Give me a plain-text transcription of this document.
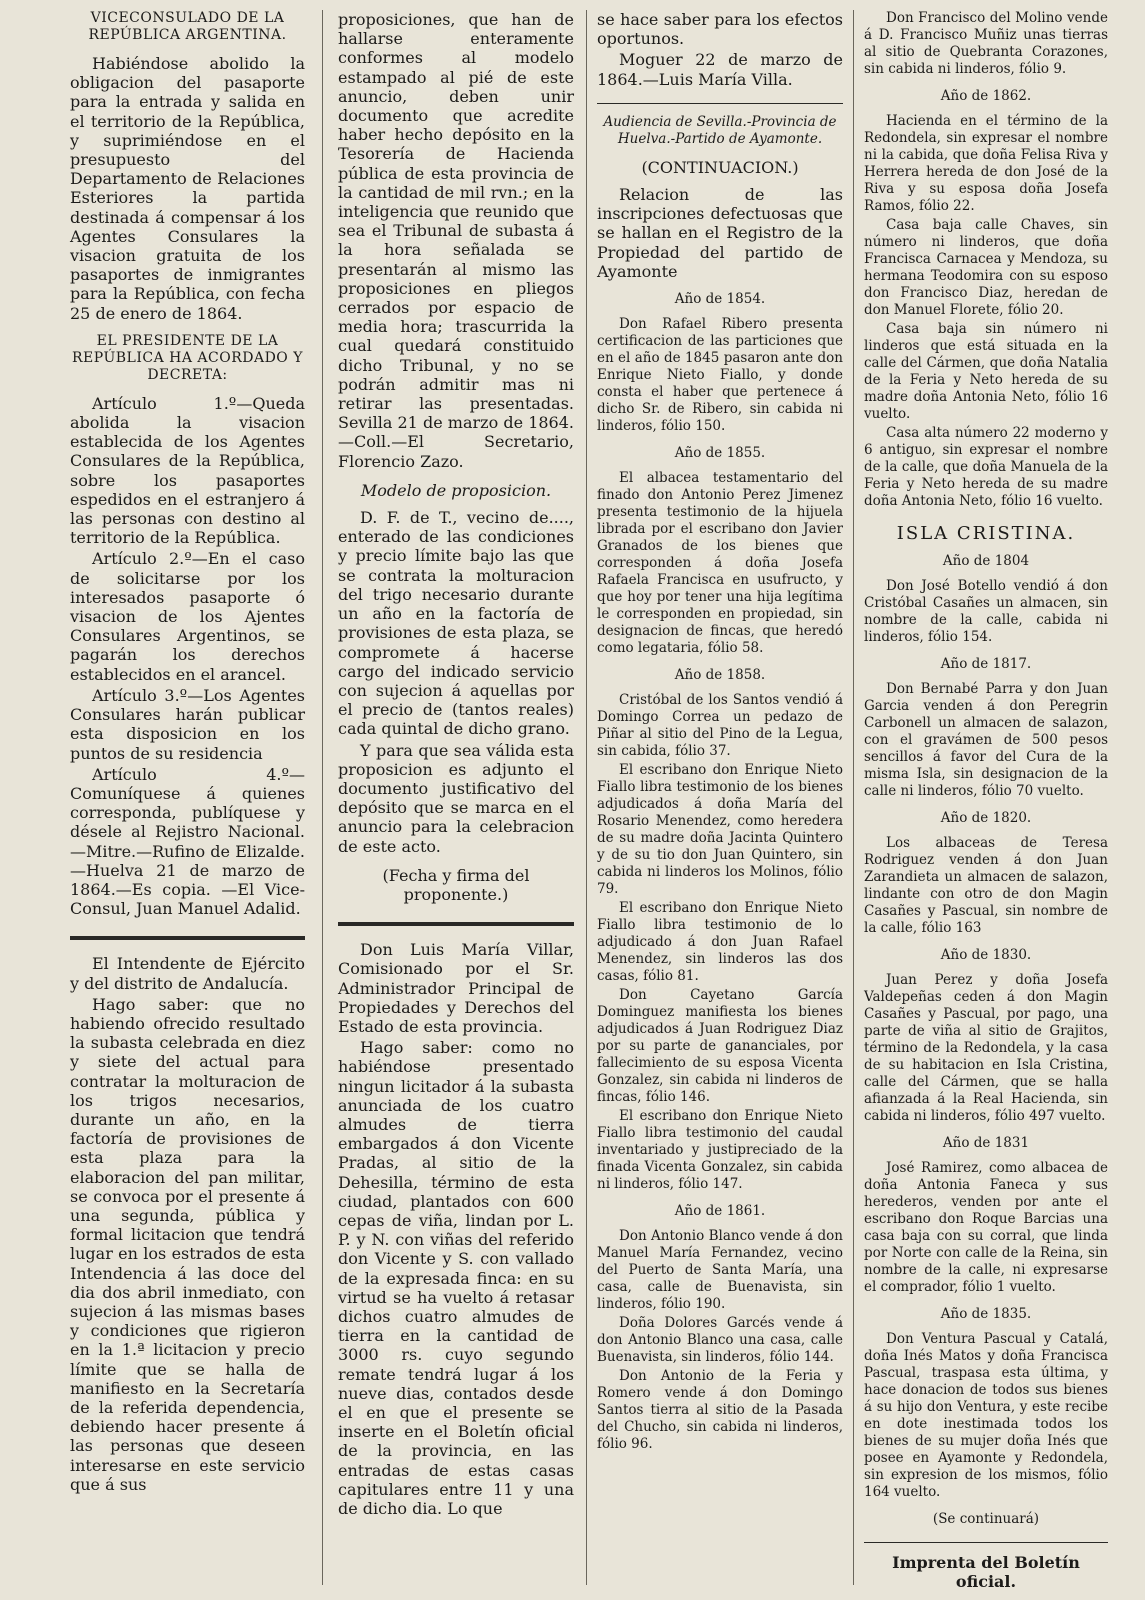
VICECONSULADO DE LA REPÚBLICA ARGENTINA.

Habiéndose abolido la obligacion del pasaporte para la entrada y salida en el territorio de la República, y suprimiéndose en el presupuesto del Departamento de Relaciones Esteriores la partida destinada á compensar á los Agentes Consulares la visacion gratuita de los pasaportes de inmigrantes para la República, con fecha 25 de enero de 1864.

EL PRESIDENTE DE LA REPÚBLICA HA ACORDADO Y DECRETA:

Artículo 1.º—Queda abolida la visacion establecida de los Agentes Consulares de la República, sobre los pasaportes espedidos en el estranjero á las personas con destino al territorio de la República.

Artículo 2.º—En el caso de solicitarse por los interesados pasaporte ó visacion de los Ajentes Consulares Argentinos, se pagarán los derechos establecidos en el arancel.

Artículo 3.º—Los Agentes Consulares harán publicar esta disposicion en los puntos de su residencia

Artículo 4.º—Comuníquese á quienes corresponda, publíquese y désele al Rejistro Nacional. —Mitre.—Rufino de Elizalde.—Huelva 21 de marzo de 1864.—Es copia. —El Vice-Consul, Juan Manuel Adalid.

El Intendente de Ejército y del distrito de Andalucía.

Hago saber: que no habiendo ofrecido resultado la subasta celebrada en diez y siete del actual para contratar la molturacion de los trigos necesarios, durante un año, en la factoría de provisiones de esta plaza para la elaboracion del pan militar, se convoca por el presente á una segunda, pública y formal licitacion que tendrá lugar en los estrados de esta Intendencia á las doce del dia dos abril inmediato, con sujecion á las mismas bases y condiciones que rigieron en la 1.ª licitacion y precio límite que se halla de manifiesto en la Secretaría de la referida dependencia, debiendo hacer presente á las personas que deseen interesarse en este servicio que á sus

proposiciones, que han de hallarse enteramente conformes al modelo estampado al pié de este anuncio, deben unir documento que acredite haber hecho depósito en la Tesorería de Hacienda pública de esta provincia de la cantidad de mil rvn.; en la inteligencia que reunido que sea el Tribunal de subasta á la hora señalada se presentarán al mismo las proposiciones en pliegos cerrados por espacio de media hora; trascurrida la cual quedará constituido dicho Tribunal, y no se podrán admitir mas ni retirar las presentadas. Sevilla 21 de marzo de 1864.—Coll.—El Secretario, Florencio Zazo.

Modelo de proposicion.

D. F. de T., vecino de...., enterado de las condiciones y precio límite bajo las que se contrata la molturacion del trigo necesario durante un año en la factoría de provisiones de esta plaza, se compromete á hacerse cargo del indicado servicio con sujecion á aquellas por el precio de (tantos reales) cada quintal de dicho grano.

Y para que sea válida esta proposicion es adjunto el documento justificativo del depósito que se marca en el anuncio para la celebracion de este acto.

(Fecha y firma del proponente.)

Don Luis María Villar, Comisionado por el Sr. Administrador Principal de Propiedades y Derechos del Estado de esta provincia.

Hago saber: como no habiéndose presentado ningun licitador á la subasta anunciada de los cuatro almudes de tierra embargados á don Vicente Pradas, al sitio de la Dehesilla, término de esta ciudad, plantados con 600 cepas de viña, lindan por L. P. y N. con viñas del referido don Vicente y S. con vallado de la expresada finca: en su virtud se ha vuelto á retasar dichos cuatro almudes de tierra en la cantidad de 3000 rs. cuyo segundo remate tendrá lugar á los nueve dias, contados desde el en que el presente se inserte en el Boletín oficial de la provincia, en las entradas de estas casas capitulares entre 11 y una de dicho dia. Lo que

se hace saber para los efectos oportunos.

Moguer 22 de marzo de 1864.—Luis María Villa.

Audiencia de Sevilla.-Provincia de Huelva.-Partido de Ayamonte.

(CONTINUACION.)

Relacion de las inscripciones defectuosas que se hallan en el Registro de la Propiedad del partido de Ayamonte

Año de 1854.

Don Rafael Ribero presenta certificacion de las particiones que en el año de 1845 pasaron ante don Enrique Nieto Fiallo, y donde consta el haber que pertenece á dicho Sr. de Ribero, sin cabida ni linderos, fólio 150.

Año de 1855.

El albacea testamentario del finado don Antonio Perez Jimenez presenta testimonio de la hijuela librada por el escribano don Javier Granados de los bienes que corresponden á doña Josefa Rafaela Francisca en usufructo, y que hoy por tener una hija legítima le corresponden en propiedad, sin designacion de fincas, que heredó como legataria, fólio 58.

Año de 1858.

Cristóbal de los Santos vendió á Domingo Correa un pedazo de Piñar al sitio del Pino de la Legua, sin cabida, fólio 37.

El escribano don Enrique Nieto Fiallo libra testimonio de los bienes adjudicados á doña María del Rosario Menendez, como heredera de su madre doña Jacinta Quintero y de su tio don Juan Quintero, sin cabida ni linderos los Molinos, fólio 79.

El escribano don Enrique Nieto Fiallo libra testimonio de lo adjudicado á don Juan Rafael Menendez, sin linderos las dos casas, fólio 81.

Don Cayetano García Dominguez manifiesta los bienes adjudicados á Juan Rodriguez Diaz por su parte de gananciales, por fallecimiento de su esposa Vicenta Gonzalez, sin cabida ni linderos de fincas, fólio 146.

El escribano don Enrique Nieto Fiallo libra testimonio del caudal inventariado y justipreciado de la finada Vicenta Gonzalez, sin cabida ni linderos, fólio 147.

Año de 1861.

Don Antonio Blanco vende á don Manuel María Fernandez, vecino del Puerto de Santa María, una casa, calle de Buenavista, sin linderos, fólio 190.

Doña Dolores Garcés vende á don Antonio Blanco una casa, calle Buenavista, sin linderos, fólio 144.

Don Antonio de la Feria y Romero vende á don Domingo Santos tierra al sitio de la Pasada del Chucho, sin cabida ni linderos, fólio 96.

Don Francisco del Molino vende á D. Francisco Muñiz unas tierras al sitio de Quebranta Corazones, sin cabida ni linderos, fólio 9.

Año de 1862.

Hacienda en el término de la Redondela, sin expresar el nombre ni la cabida, que doña Felisa Riva y Herrera hereda de don José de la Riva y su esposa doña Josefa Ramos, fólio 22.

Casa baja calle Chaves, sin número ni linderos, que doña Francisca Carnacea y Mendoza, su hermana Teodomira con su esposo don Francisco Diaz, heredan de don Manuel Florete, fólio 20.

Casa baja sin número ni linderos que está situada en la calle del Cármen, que doña Natalia de la Feria y Neto hereda de su madre doña Antonia Neto, fólio 16 vuelto.

Casa alta número 22 moderno y 6 antiguo, sin expresar el nombre de la calle, que doña Manuela de la Feria y Neto hereda de su madre doña Antonia Neto, fólio 16 vuelto.

ISLA CRISTINA.

Año de 1804

Don José Botello vendió á don Cristóbal Casañes un almacen, sin nombre de la calle, cabida ni linderos, fólio 154.

Año de 1817.

Don Bernabé Parra y don Juan Garcia venden á don Peregrin Carbonell un almacen de salazon, con el gravámen de 500 pesos sencillos á favor del Cura de la misma Isla, sin designacion de la calle ni linderos, fólio 70 vuelto.

Año de 1820.

Los albaceas de Teresa Rodriguez venden á don Juan Zarandieta un almacen de salazon, lindante con otro de don Magin Casañes y Pascual, sin nombre de la calle, fólio 163

Año de 1830.

Juan Perez y doña Josefa Valdepeñas ceden á don Magin Casañes y Pascual, por pago, una parte de viña al sitio de Grajitos, término de la Redondela, y la casa de su habitacion en Isla Cristina, calle del Cármen, que se halla afianzada á la Real Hacienda, sin cabida ni linderos, fólio 497 vuelto.

Año de 1831

José Ramirez, como albacea de doña Antonia Faneca y sus herederos, venden por ante el escribano don Roque Barcias una casa baja con su corral, que linda por Norte con calle de la Reina, sin nombre de la calle, ni expresarse el comprador, fólio 1 vuelto.

Año de 1835.

Don Ventura Pascual y Catalá, doña Inés Matos y doña Francisca Pascual, traspasa esta última, y hace donacion de todos sus bienes á su hijo don Ventura, y este recibe en dote inestimada todos los bienes de su mujer doña Inés que posee en Ayamonte y Redondela, sin expresion de los mismos, fólio 164 vuelto.

(Se continuará)

Imprenta del Boletín oficial.
